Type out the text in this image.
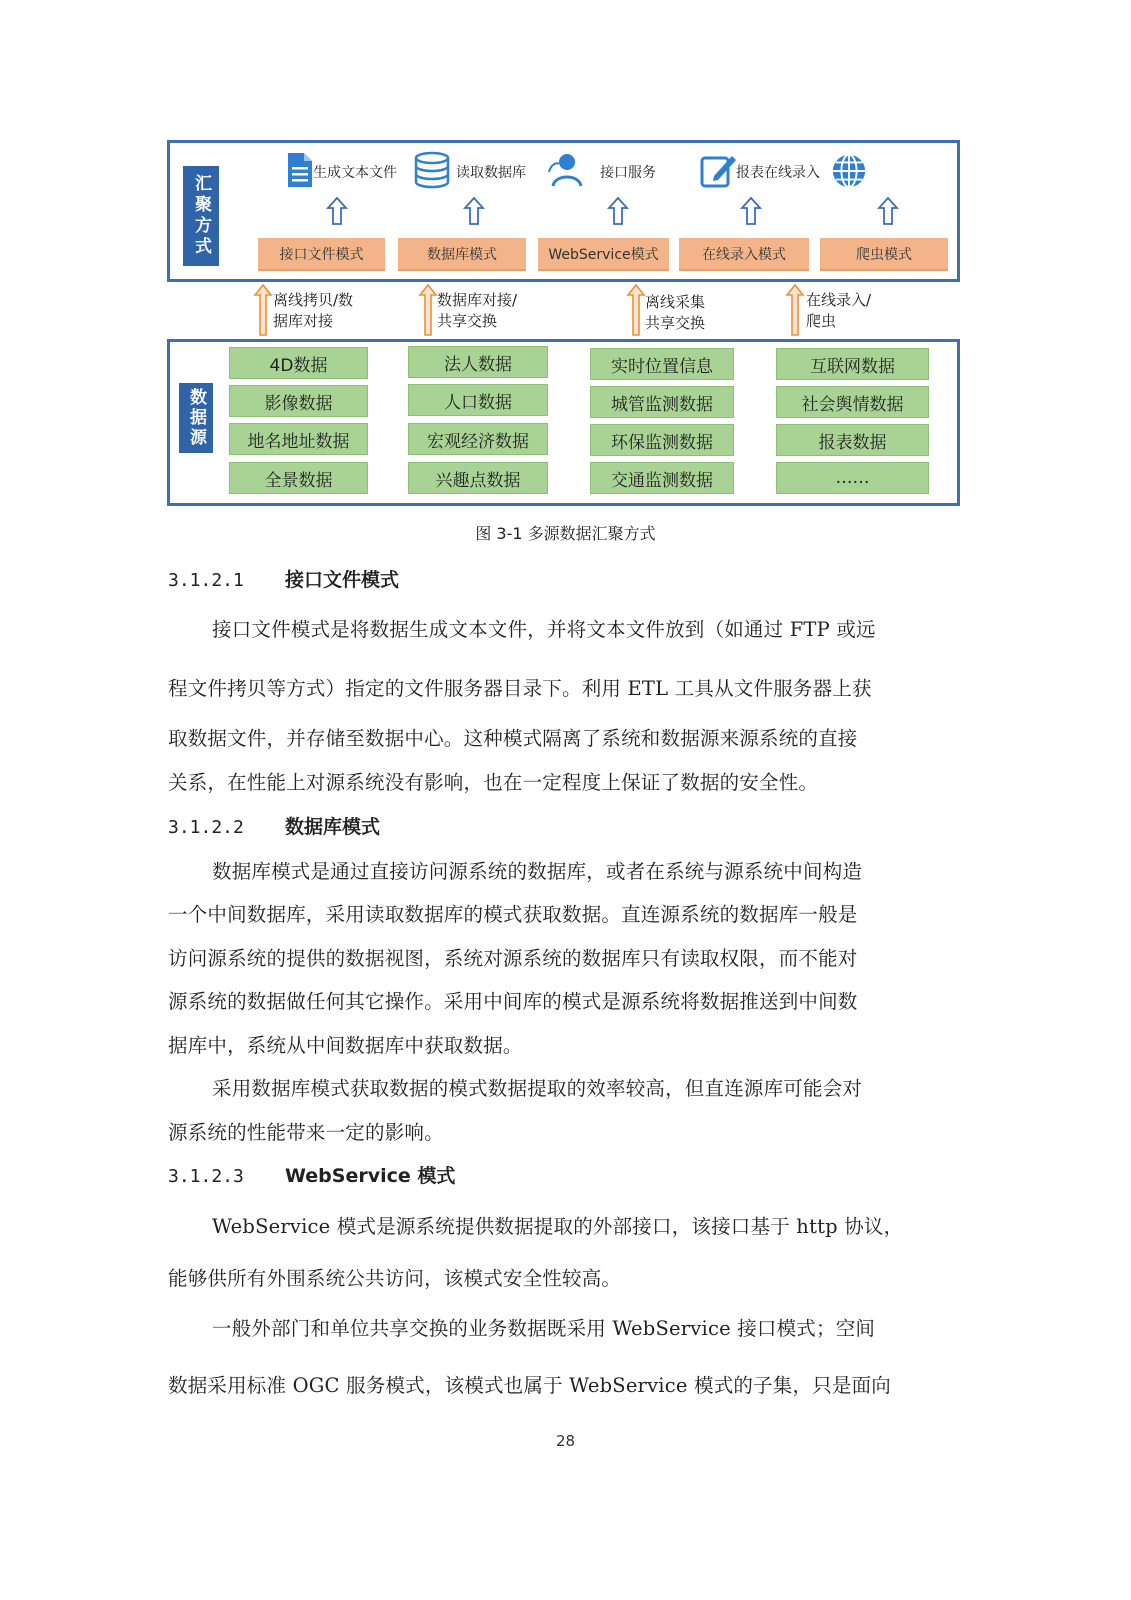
汇聚方式
生成文本文件	读取数据库	接口服务	报表在线录入
接口文件模式	数据库模式	WebService模式	在线录入模式	爬虫模式
离线拷贝/数
据库对接
数据库对接/
共享交换
离线采集
共享交换
在线录入/
爬虫
数据源
4D数据
影像数据
地名地址数据
全景数据
法人数据
人口数据
宏观经济数据
兴趣点数据
实时位置信息
城管监测数据
环保监测数据
交通监测数据
互联网数据
社会舆情数据
报表数据
……
图 3-1 多源数据汇聚方式
3.1.2.1 接口文件模式
接口文件模式是将数据生成文本文件，并将文本文件放到（如通过 FTP 或远
程文件拷贝等方式）指定的文件服务器目录下。利用 ETL 工具从文件服务器上获
取数据文件，并存储至数据中心。这种模式隔离了系统和数据源来源系统的直接
关系，在性能上对源系统没有影响，也在一定程度上保证了数据的安全性。
3.1.2.2 数据库模式
数据库模式是通过直接访问源系统的数据库，或者在系统与源系统中间构造
一个中间数据库，采用读取数据库的模式获取数据。直连源系统的数据库一般是
访问源系统的提供的数据视图，系统对源系统的数据库只有读取权限，而不能对
源系统的数据做任何其它操作。采用中间库的模式是源系统将数据推送到中间数
据库中，系统从中间数据库中获取数据。
采用数据库模式获取数据的模式数据提取的效率较高，但直连源库可能会对
源系统的性能带来一定的影响。
3.1.2.3 WebService 模式
WebService 模式是源系统提供数据提取的外部接口，该接口基于 http 协议，
能够供所有外围系统公共访问，该模式安全性较高。
一般外部门和单位共享交换的业务数据既采用 WebService 接口模式；空间
数据采用标准 OGC 服务模式，该模式也属于 WebService 模式的子集，只是面向
28
